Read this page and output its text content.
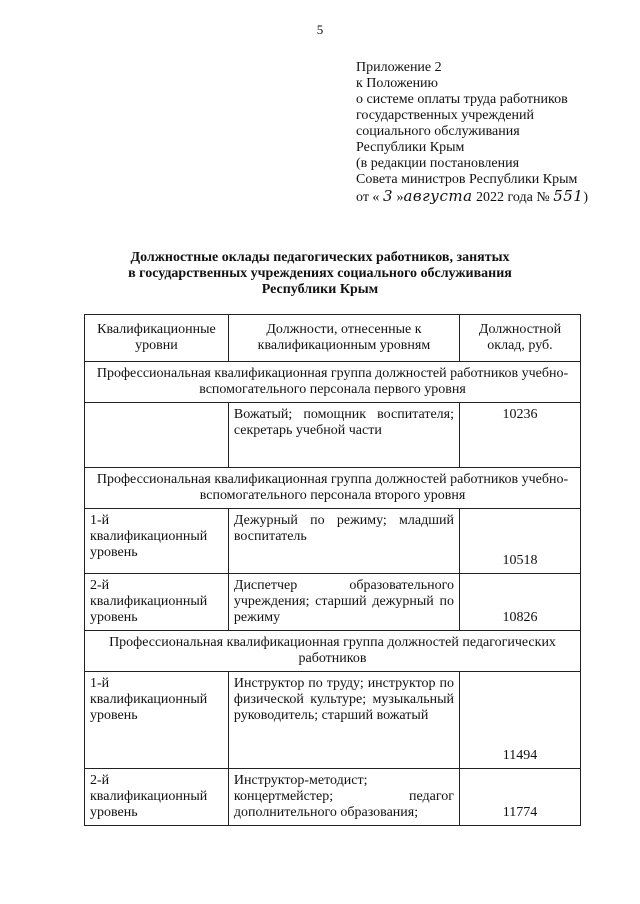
5
Приложение 2
к Положению
о системе оплаты труда работников
государственных учреждений
социального обслуживания
Республики Крым
(в редакции постановления
Совета министров Республики Крым
от « 3 »августа 2022 года № 551)
Должностные оклады педагогических работников, занятых
в государственных учреждениях социального обслуживания
Республики Крым
Квалификационные уровни	Должности, отнесенные к квалификационным уровням	Должностной оклад, руб.
Профессиональная квалификационная группа должностей работников учебно-вспомогательного персонала первого уровня		
	Вожатый; помощник воспитателя; секретарь учебной части	10236
Профессиональная квалификационная группа должностей работников учебно-вспомогательного персонала второго уровня		
1-й квалификационный уровень	Дежурный по режиму; младший воспитатель	10518
2-й квалификационный уровень	Диспетчер образовательного учреждения; старший дежурный по режиму	10826
Профессиональная квалификационная группа должностей педагогических работников		
1-й квалификационный уровень	Инструктор по труду; инструктор по физической культуре; музыкальный руководитель; старший вожатый	11494
2-й квалификационный уровень	Инструктор-методист; концертмейстер; педагог дополнительного образования;	11774
